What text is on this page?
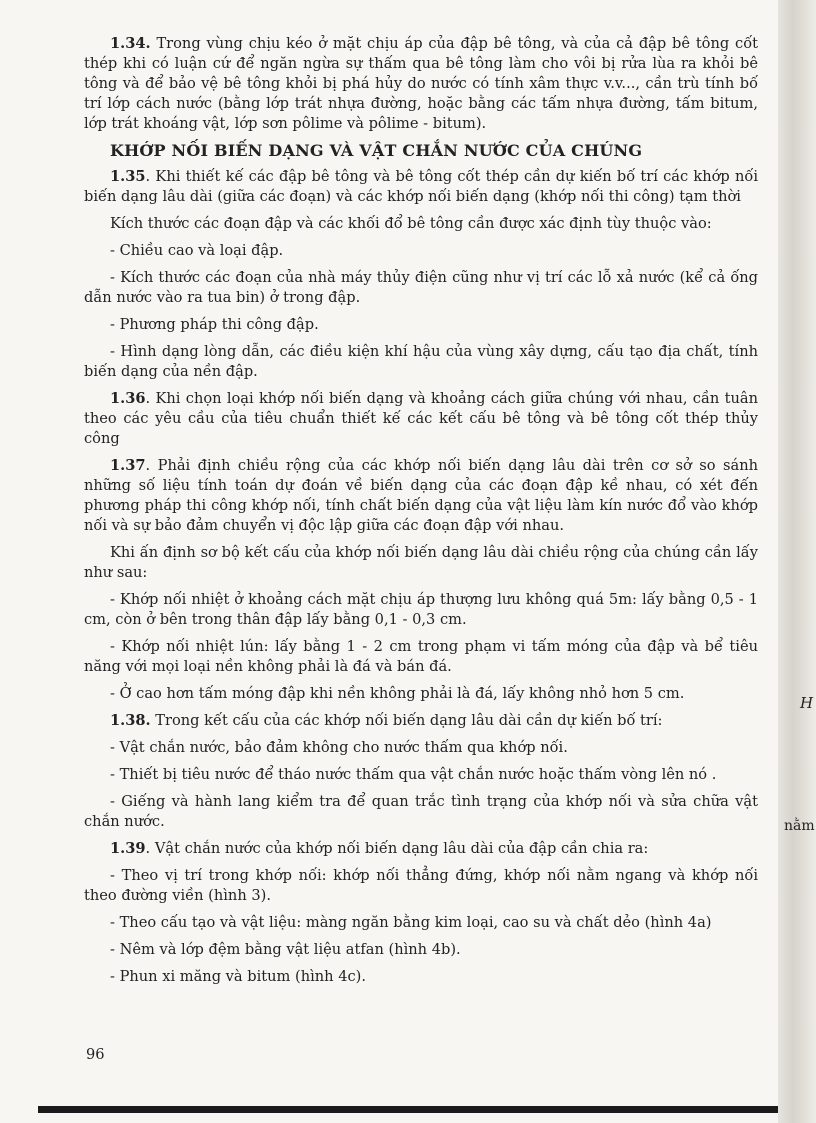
1.34. Trong vùng chịu kéo ở mặt chịu áp của đập bê tông, và của cả đập bê tông cốt thép khi có luận cứ để ngăn ngừa sự thấm qua bê tông làm cho vôi bị rửa lùa ra khỏi bê tông và để bảo vệ bê tông khỏi bị phá hủy do nước có tính xâm thực v.v..., cần trù tính bố trí lớp cách nước (bằng lớp trát nhựa đường, hoặc bằng các tấm nhựa đường, tấm bitum, lớp trát khoáng vật, lớp sơn pôlime và pôlime - bitum).

KHỚP NỐI BIẾN DẠNG VÀ VẬT CHẮN NƯỚC CỦA CHÚNG

1.35. Khi thiết kế các đập bê tông và bê tông cốt thép cần dự kiến bố trí các khớp nối biến dạng lâu dài (giữa các đoạn) và các khớp nối biến dạng (khớp nối thi công) tạm thời

Kích thước các đoạn đập và các khối đổ bê tông cần được xác định tùy thuộc vào:

- Chiều cao và loại đập.

- Kích thước các đoạn của nhà máy thủy điện cũng như vị trí các lỗ xả nước (kể cả ống dẫn nước vào ra tua bin) ở trong đập.

- Phương pháp thi công đập.

- Hình dạng lòng dẫn, các điều kiện khí hậu của vùng xây dựng, cấu tạo địa chất, tính biến dạng của nền đập.

1.36. Khi chọn loại khớp nối biến dạng và khoảng cách giữa chúng với nhau, cần tuân theo các yêu cầu của tiêu chuẩn thiết kế các kết cấu bê tông và bê tông cốt thép thủy công

1.37. Phải định chiều rộng của các khớp nối biến dạng lâu dài trên cơ sở so sánh những số liệu tính toán dự đoán về biến dạng của các đoạn đập kề nhau, có xét đến phương pháp thi công khớp nối, tính chất biến dạng của vật liệu làm kín nước đổ vào khớp nối và sự bảo đảm chuyển vị độc lập giữa các đoạn đập với nhau.

Khi ấn định sơ bộ kết cấu của khớp nối biến dạng lâu dài chiều rộng của chúng cần lấy như sau:

- Khớp nối nhiệt ở khoảng cách mặt chịu áp thượng lưu không quá 5m: lấy bằng 0,5 - 1 cm, còn ở bên trong thân đập lấy bằng 0,1 - 0,3 cm.

- Khớp nối nhiệt lún: lấy bằng 1 - 2 cm trong phạm vi tấm móng của đập và bể tiêu năng với mọi loại nền không phải là đá và bán đá.

- Ở cao hơn tấm móng đập khi nền không phải là đá, lấy không nhỏ hơn 5 cm.

1.38. Trong kết cấu của các khớp nối biến dạng lâu dài cần dự kiến bố trí:

- Vật chắn nước, bảo đảm không cho nước thấm qua khớp nối.

- Thiết bị tiêu nước để tháo nước thấm qua vật chắn nước hoặc thấm vòng lên nó .

- Giếng và hành lang kiểm tra để quan trắc tình trạng của khớp nối và sửa chữa vật chắn nước.

1.39. Vật chắn nước của khớp nối biến dạng lâu dài của đập cần chia ra:

- Theo vị trí trong khớp nối: khớp nối thẳng đứng, khớp nối nằm ngang và khớp nối theo đường viền (hình 3).

- Theo cấu tạo và vật liệu: màng ngăn bằng kim loại, cao su và chất dẻo (hình 4a)

- Nêm và lớp đệm bằng vật liệu atfan (hình 4b).

- Phun xi măng và bitum (hình 4c).

96
H
nằm
